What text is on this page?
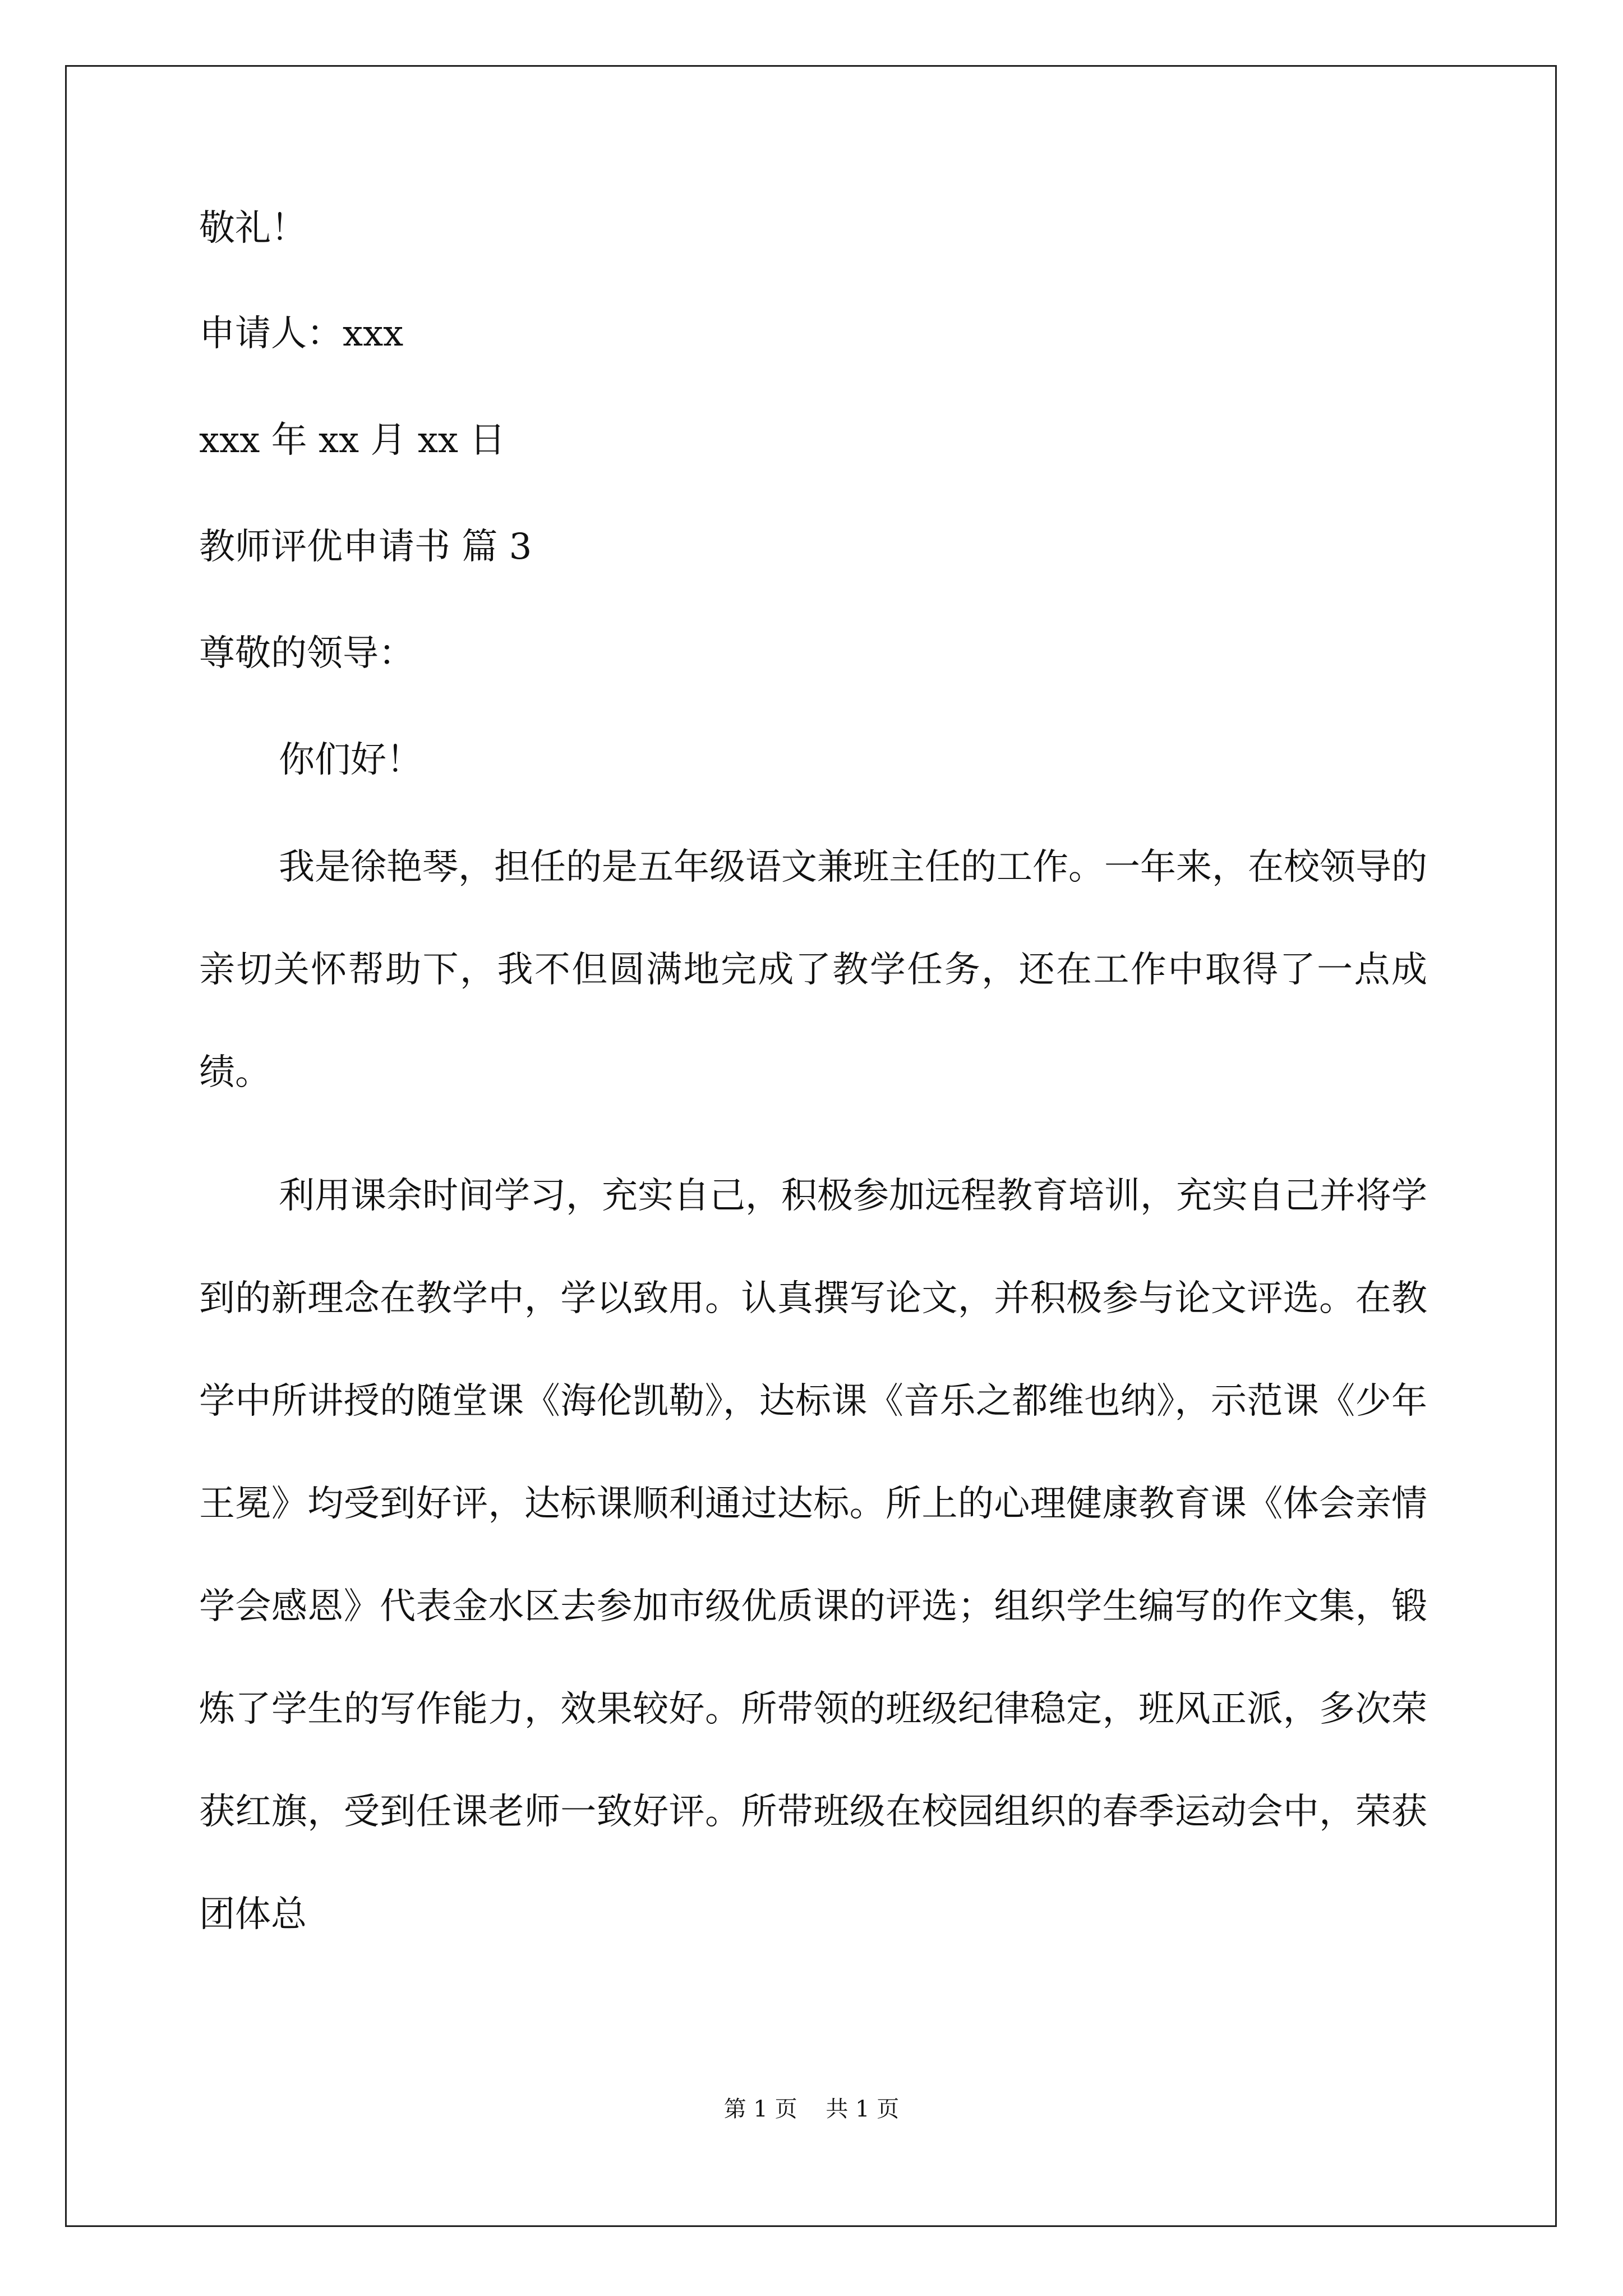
敬礼！
申请人：xxx
xxx 年 xx 月 xx 日
教师评优申请书 篇 3
尊敬的领导：
你们好！

我是徐艳琴，担任的是五年级语文兼班主任的工作。一年来，在校领导的亲切关怀帮助下，我不但圆满地完成了教学任务，还在工作中取得了一点成绩。

利用课余时间学习，充实自己，积极参加远程教育培训，充实自己并将学到的新理念在教学中，学以致用。认真撰写论文，并积极参与论文评选。在教学中所讲授的随堂课《海伦凯勒》，达标课《音乐之都维也纳》，示范课《少年王冕》均受到好评，达标课顺利通过达标。所上的心理健康教育课《体会亲情学会感恩》代表金水区去参加市级优质课的评选；组织学生编写的作文集，锻炼了学生的写作能力，效果较好。所带领的班级纪律稳定，班风正派，多次荣获红旗，受到任课老师一致好评。所带班级在校园组织的春季运动会中，荣获团体总

第 1 页    共 1 页
